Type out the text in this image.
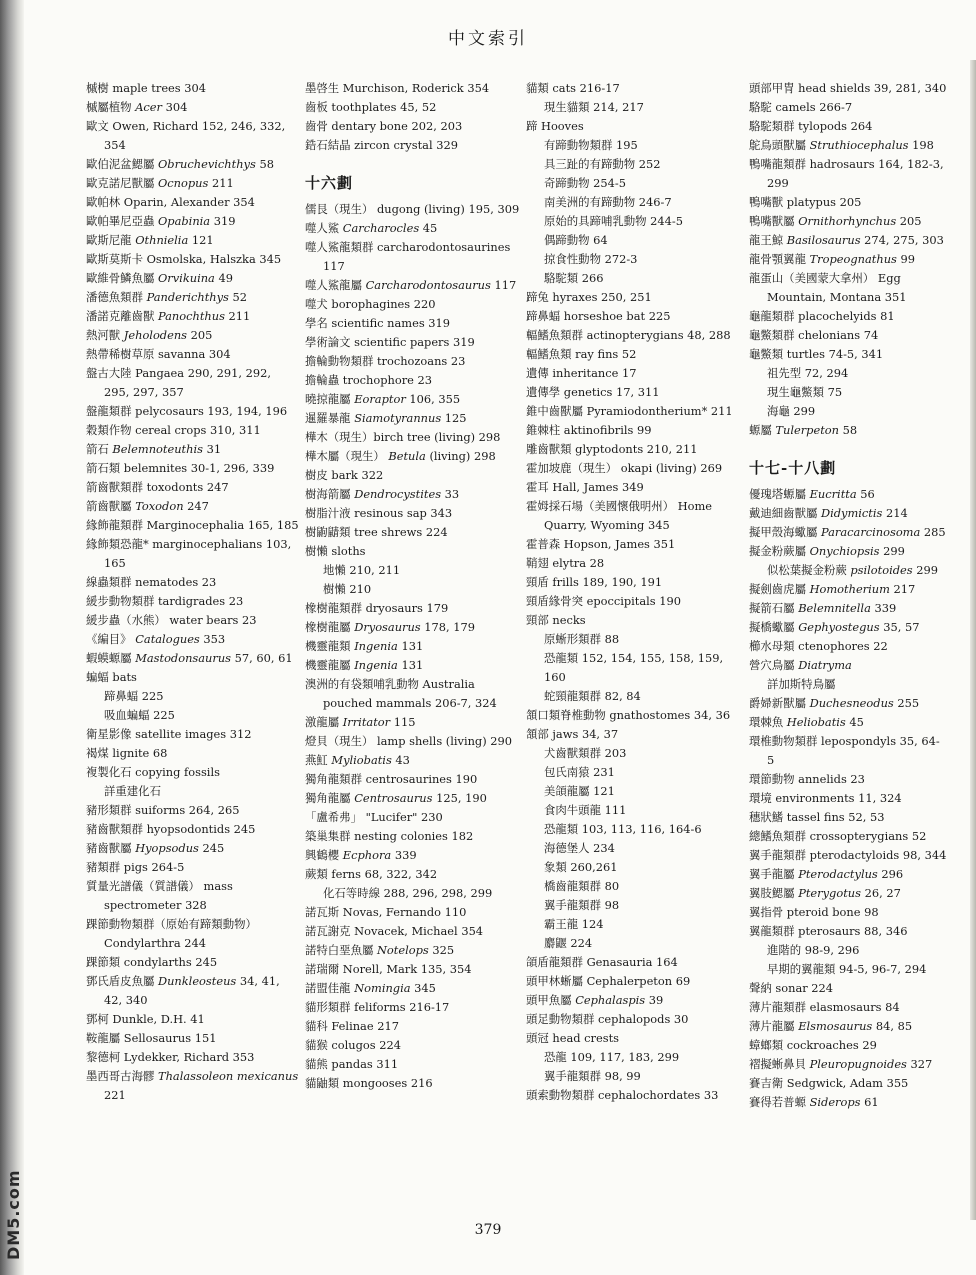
中文索引
槭樹 maple trees 304
槭屬植物 Acer 304
歐文 Owen, Richard 152, 246, 332, 354
歐伯泥盆鰓屬 Obruchevichthys 58
歐克諾尼獸屬 Ocnopus 211
歐帕林 Oparin, Alexander 354
歐帕畢尼亞蟲 Opabinia 319
歐斯尼龍 Othnielia 121
歐斯莫斯卡 Osmolska, Halszka 345
歐維骨鱗魚屬 Orvikuina 49
潘德魚類群 Panderichthys 52
潘諾克離齒獸 Panochthus 211
熱河獸 Jeholodens 205
熱帶稀樹草原 savanna 304
盤古大陸 Pangaea 290, 291, 292, 295, 297, 357
盤龍類群 pelycosaurs 193, 194, 196
穀類作物 cereal crops 310, 311
箭石 Belemnoteuthis 31
箭石類 belemnites 30-1, 296, 339
箭齒獸類群 toxodonts 247
箭齒獸屬 Toxodon 247
緣飾龍類群 Marginocephalia 165, 185
緣飾類恐龍* marginocephalians 103, 165
線蟲類群 nematodes 23
緩步動物類群 tardigrades 23
緩步蟲（水熊） water bears 23
《編目》 Catalogues 353
蝦蟆螈屬 Mastodonsaurus 57, 60, 61
蝙蝠 bats
蹄鼻蝠 225
吸血蝙蝠 225
衛星影像 satellite images 312
褐煤 lignite 68
複製化石 copying fossils
詳重建化石
豬形類群 suiforms 264, 265
豬齒獸類群 hyopsodontids 245
豬齒獸屬 Hyopsodus 245
豬類群 pigs 264-5
質量光譜儀（質譜儀） mass spectrometer 328
踝節動物類群（原始有蹄類動物） Condylarthra 244
踝節類 condylarths 245
鄧氏盾皮魚屬 Dunkleosteus 34, 41, 42, 340
鄧柯 Dunkle, D.H. 41
鞍龍屬 Sellosaurus 151
黎德柯 Lydekker, Richard 353
墨西哥古海髎 Thalassoleon mexicanus 221
墨啓生 Murchison, Roderick 354
齒板 toothplates 45, 52
齒骨 dentary bone 202, 203
鋯石結晶 zircon crystal 329
十六劃
儒艮（現生） dugong (living) 195, 309
噬人鯊 Carcharocles 45
噬人鯊龍類群 carcharodontosaurines 117
噬人鯊龍屬 Carcharodontosaurus 117
噬犬 borophagines 220
學名 scientific names 319
學術論文 scientific papers 319
擔輪動物類群 trochozoans 23
擔輪蟲 trochophore 23
曉掠龍屬 Eoraptor 106, 355
暹羅暴龍 Siamotyrannus 125
樺木（現生）birch tree (living) 298
樺木屬（現生） Betula (living) 298
樹皮 bark 322
樹海箭屬 Dendrocystites 33
樹脂汁液 resinous sap 343
樹鼩鼱類 tree shrews 224
樹懶 sloths
地懶 210, 211
樹懶 210
橡樹龍類群 dryosaurs 179
橡樹龍屬 Dryosaurus 178, 179
機靈龍類 Ingenia 131
機靈龍屬 Ingenia 131
澳洲的有袋類哺乳動物 Australia pouched mammals 206-7, 324
激龍屬 Irritator 115
燈貝（現生） lamp shells (living) 290
燕魟 Myliobatis 43
獨角龍類群 centrosaurines 190
獨角龍屬 Centrosaurus 125, 190
「盧希弗」 "Lucifer" 230
築巢集群 nesting colonies 182
興鶴櫻 Ecphora 339
蕨類 ferns 68, 322, 342
化石等時線 288, 296, 298, 299
諾瓦斯 Novas, Fernando 110
諾瓦謝克 Novacek, Michael 354
諾特白堊魚屬 Notelops 325
諾瑞爾 Norell, Mark 135, 354
諾盟佳龍 Nomingia 345
貓形類群 feliforms 216-17
貓科 Felinae 217
貓猴 colugos 224
貓熊 pandas 311
貓鼬類 mongooses 216
貓類 cats 216-17
現生貓類 214, 217
蹄 Hooves
有蹄動物類群 195
具三趾的有蹄動物 252
奇蹄動物 254-5
南美洲的有蹄動物 246-7
原始的具蹄哺乳動物 244-5
偶蹄動物 64
掠食性動物 272-3
駱駝類 266
蹄兔 hyraxes 250, 251
蹄鼻蝠 horseshoe bat 225
輻鰭魚類群 actinopterygians 48, 288
輻鰭魚類 ray fins 52
遺傳 inheritance 17
遺傳學 genetics 17, 311
錐中齒獸屬 Pyramiodontherium* 211
錐棘柱 aktinofibrils 99
雕齒獸類 glyptodonts 210, 211
霍加坡鹿（現生） okapi (living) 269
霍耳 Hall, James 349
霍姆採石場（美國懷俄明州） Home Quarry, Wyoming 345
霍普森 Hopson, James 351
鞘翅 elytra 28
頸盾 frills 189, 190, 191
頸盾緣骨突 epoccipitals 190
頸部 necks
原蜥形類群 88
恐龍類 152, 154, 155, 158, 159, 160
蛇頸龍類群 82, 84
頷口類脊椎動物 gnathostomes 34, 36
頷部 jaws 34, 37
犬齒獸類群 203
包氏南猿 231
美頜龍屬 121
食肉牛頭龍 111
恐龍類 103, 113, 116, 164-6
海德堡人 234
象類 260,261
橋齒龍類群 80
翼手龍類群 98
霸王龍 124
麝鼴 224
頜盾龍類群 Genasauria 164
頭甲林蜥屬 Cephalerpeton 69
頭甲魚屬 Cephalaspis 39
頭足動物類群 cephalopods 30
頭冠 head crests
恐龍 109, 117, 183, 299
翼手龍類群 98, 99
頭索動物類群 cephalochordates 33
頭部甲冑 head shields 39, 281, 340
駱駝 camels 266-7
駱駝類群 tylopods 264
鴕鳥頭獸屬 Struthiocephalus 198
鴨嘴龍類群 hadrosaurs 164, 182-3, 299
鴨嘴獸 platypus 205
鴨嘴獸屬 Ornithorhynchus 205
龍王鯨 Basilosaurus 274, 275, 303
龍骨顎翼龍 Tropeognathus 99
龍蛋山（美國蒙大拿州） Egg Mountain, Montana 351
龜龍類群 placochelyids 81
龜鱉類群 chelonians 74
龜鱉類 turtles 74-5, 341
祖先型 72, 294
現生龜鱉類 75
海龜 299
螈屬 Tulerpeton 58
十七-十八劃
優瑰塔螈屬 Eucritta 56
戴迪細齒獸屬 Didymictis 214
擬甲殼海蠍屬 Paracarcinosoma 285
擬金粉蕨屬 Onychiopsis 299
似松葉擬金粉蕨 psilotoides 299
擬劍齒虎屬 Homotherium 217
擬箭石屬 Belemnitella 339
擬橋蠍屬 Gephyostegus 35, 57
櫛水母類 ctenophores 22
營穴鳥屬 Diatryma
詳加斯特鳥屬
爵婦新獸屬 Duchesneodus 255
環棘魚 Heliobatis 45
環椎動物類群 lepospondyls 35, 64- 5
環節動物 annelids 23
環境 environments 11, 324
穗狀鰭 tassel fins 52, 53
總鰭魚類群 crossopterygians 52
翼手龍類群 pterodactyloids 98, 344
翼手龍屬 Pterodactylus 296
翼肢鰓屬 Pterygotus 26, 27
翼指骨 pteroid bone 98
翼龍類群 pterosaurs 88, 346
進階的 98-9, 296
早期的翼龍類 94-5, 96-7, 294
聲納 sonar 224
薄片龍類群 elasmosaurs 84
薄片龍屬 Elsmosaurus 84, 85
蟑螂類 cockroaches 29
褶擬蜥鼻貝 Pleuropugnoides 327
賽吉衛 Sedgwick, Adam 355
賽得若普螈 Siderops 61
379
DM5.com
